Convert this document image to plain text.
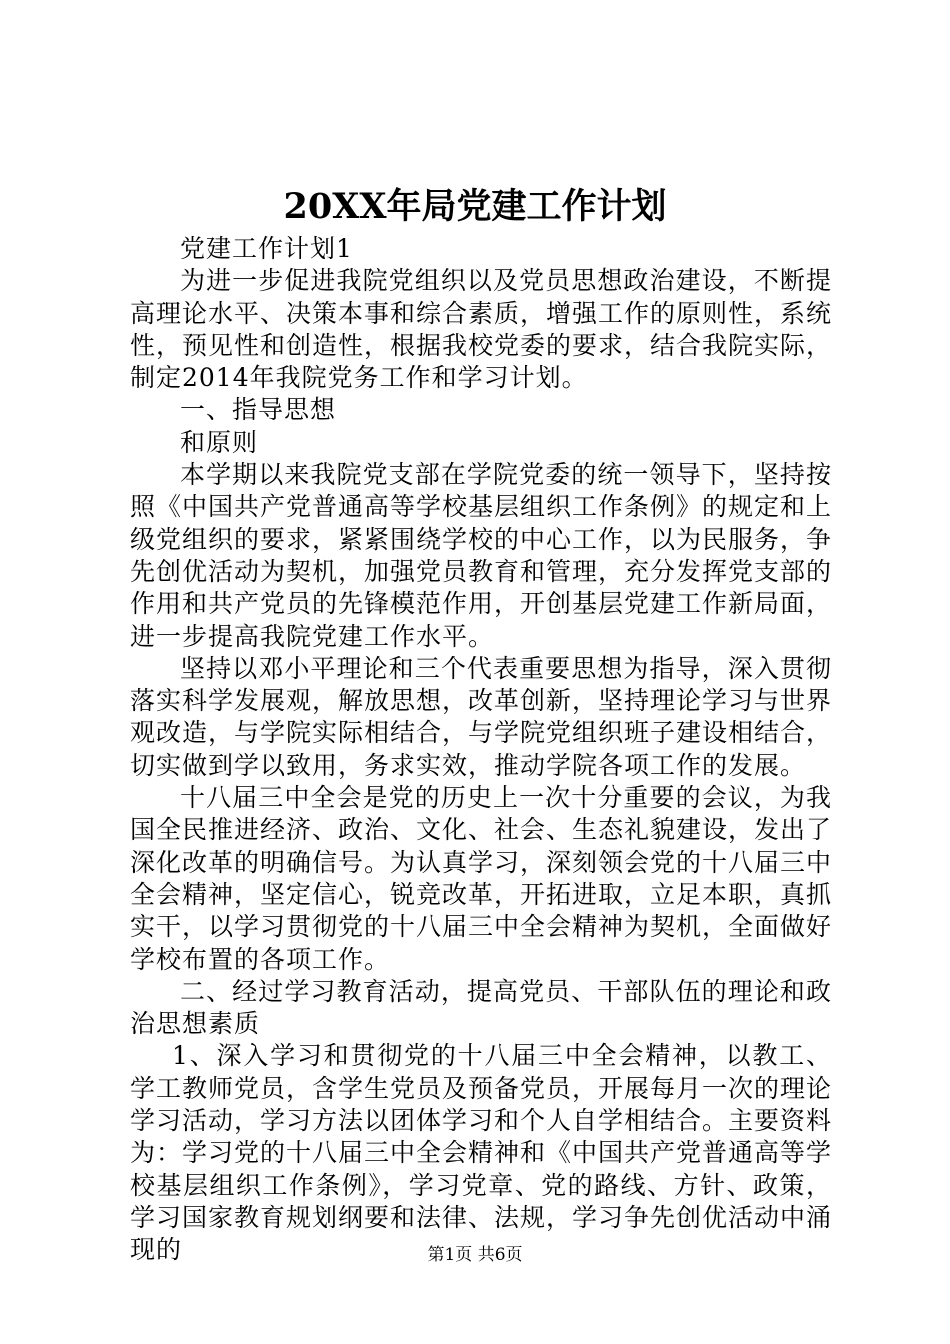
20XX年局党建工作计划

党建工作计划1

为进一步促进我院党组织以及党员思想政治建设，不断提高理论水平、决策本事和综合素质，增强工作的原则性，系统性，预见性和创造性，根据我校党委的要求，结合我院实际，制定2014年我院党务工作和学习计划。

一、指导思想

和原则

本学期以来我院党支部在学院党委的统一领导下，坚持按照《中国共产党普通高等学校基层组织工作条例》的规定和上级党组织的要求，紧紧围绕学校的中心工作，以为民服务，争先创优活动为契机，加强党员教育和管理，充分发挥党支部的作用和共产党员的先锋模范作用，开创基层党建工作新局面，进一步提高我院党建工作水平。

坚持以邓小平理论和三个代表重要思想为指导，深入贯彻落实科学发展观，解放思想，改革创新，坚持理论学习与世界观改造，与学院实际相结合，与学院党组织班子建设相结合，切实做到学以致用，务求实效，推动学院各项工作的发展。

十八届三中全会是党的历史上一次十分重要的会议，为我国全民推进经济、政治、文化、社会、生态礼貌建设，发出了深化改革的明确信号。为认真学习，深刻领会党的十八届三中全会精神，坚定信心，锐竞改革，开拓进取，立足本职，真抓实干，以学习贯彻党的十八届三中全会精神为契机，全面做好学校布置的各项工作。

二、经过学习教育活动，提高党员、干部队伍的理论和政治思想素质

1、深入学习和贯彻党的十八届三中全会精神，以教工、学工教师党员，含学生党员及预备党员，开展每月一次的理论学习活动，学习方法以团体学习和个人自学相结合。主要资料为：学习党的十八届三中全会精神和《中国共产党普通高等学校基层组织工作条例》，学习党章、党的路线、方针、政策，学习国家教育规划纲要和法律、法规，学习争先创优活动中涌现的	第1页 共6页
